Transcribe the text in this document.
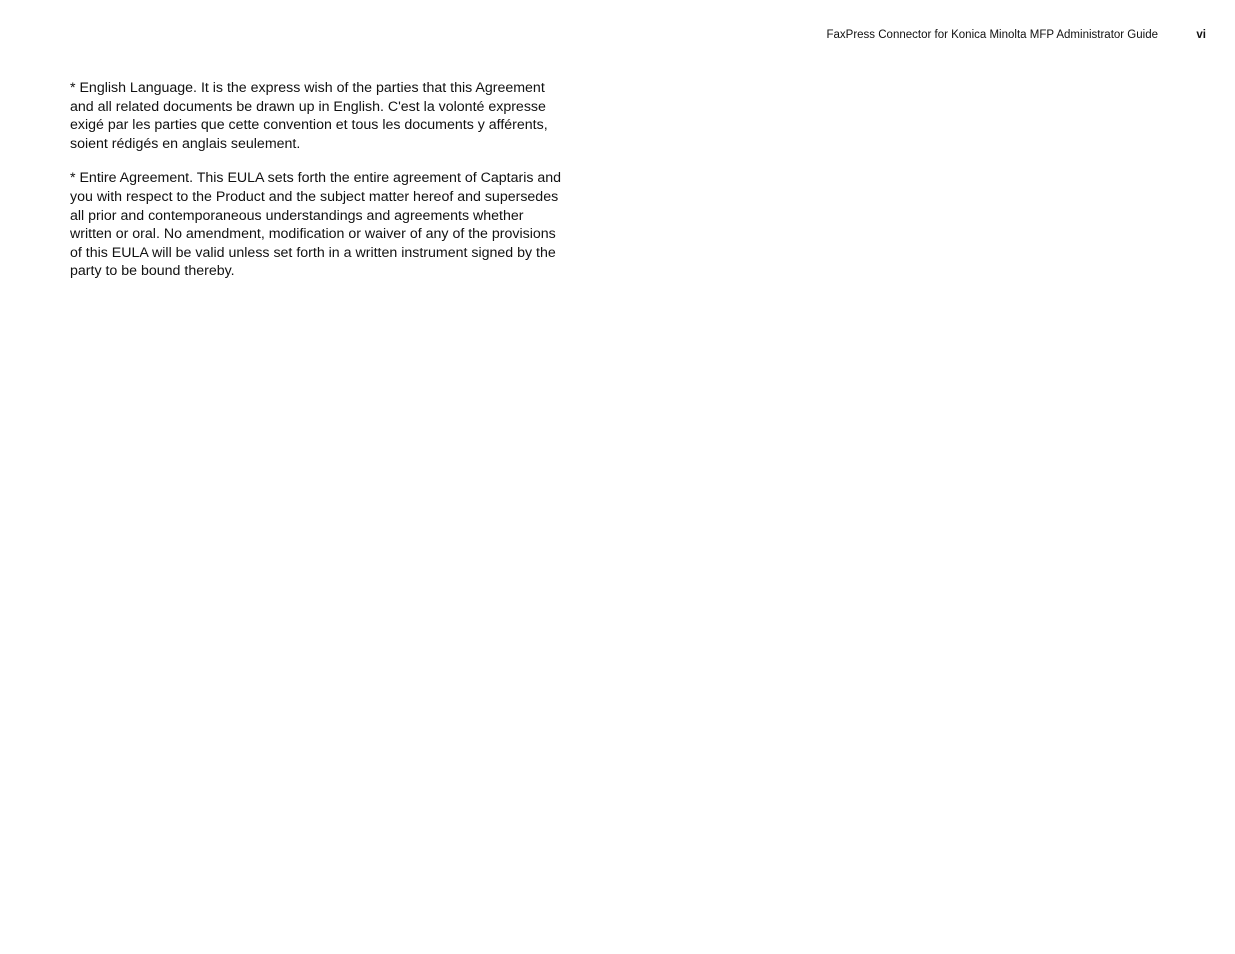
FaxPress Connector for Konica Minolta MFP Administrator Guide	vi
* English Language. It is the express wish of the parties that this Agreement
and all related documents be drawn up in English. C'est la volonté expresse
exigé par les parties que cette convention et tous les documents y afférents,
soient rédigés en anglais seulement.
* Entire Agreement. This EULA sets forth the entire agreement of Captaris and
you with respect to the Product and the subject matter hereof and supersedes
all prior and contemporaneous understandings and agreements whether
written or oral. No amendment, modification or waiver of any of the provisions
of this EULA will be valid unless set forth in a written instrument signed by the
party to be bound thereby.
